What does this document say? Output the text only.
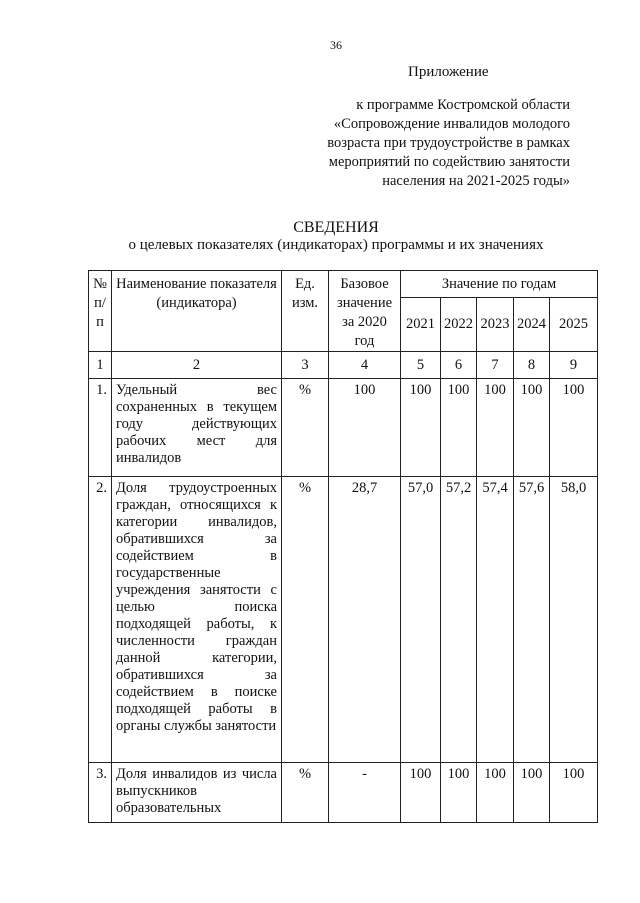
36
Приложение
к программе Костромской области
«Сопровождение инвалидов молодого
возраста при трудоустройстве в рамках
мероприятий по содействию занятости
населения на 2021-2025 годы»
СВЕДЕНИЯ
о целевых показателях (индикаторах) программы и их значениях
№ п/п	Наименование показателя (индикатора)	Ед. изм.	Базовое значение за 2020 год	Значение по годам				
				2021	2022	2023	2024	2025
1	2	3	4	5	6	7	8	9
1.	Удельный вес сохраненных в текущем году действующих рабочих мест для инвалидов	%	100	100	100	100	100	100
2.	Доля трудоустроенных граждан, относящихся к категории инвалидов, обратившихся за содействием в государственные учреждения занятости с целью поиска подходящей работы, к численности граждан данной категории, обратившихся за содействием в поиске подходящей работы в органы службы занятости	%	28,7	57,0	57,2	57,4	57,6	58,0
3.	Доля инвалидов из числа выпускников образовательных	%	-	100	100	100	100	100
